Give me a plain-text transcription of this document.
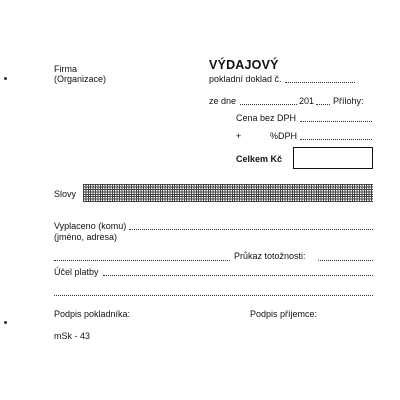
Firma
(Organizace)
VÝDAJOVÝ
pokladní doklad č.
ze dne	201 Přílohy:
Cena bez DPH
+	%DPH
Celkem Kč
Slovy
Vyplaceno (komu)
(jméno, adresa)
Průkaz totožnosti:
Účel platby
Podpis pokladníka:	Podpis příjemce:
mSk - 43
